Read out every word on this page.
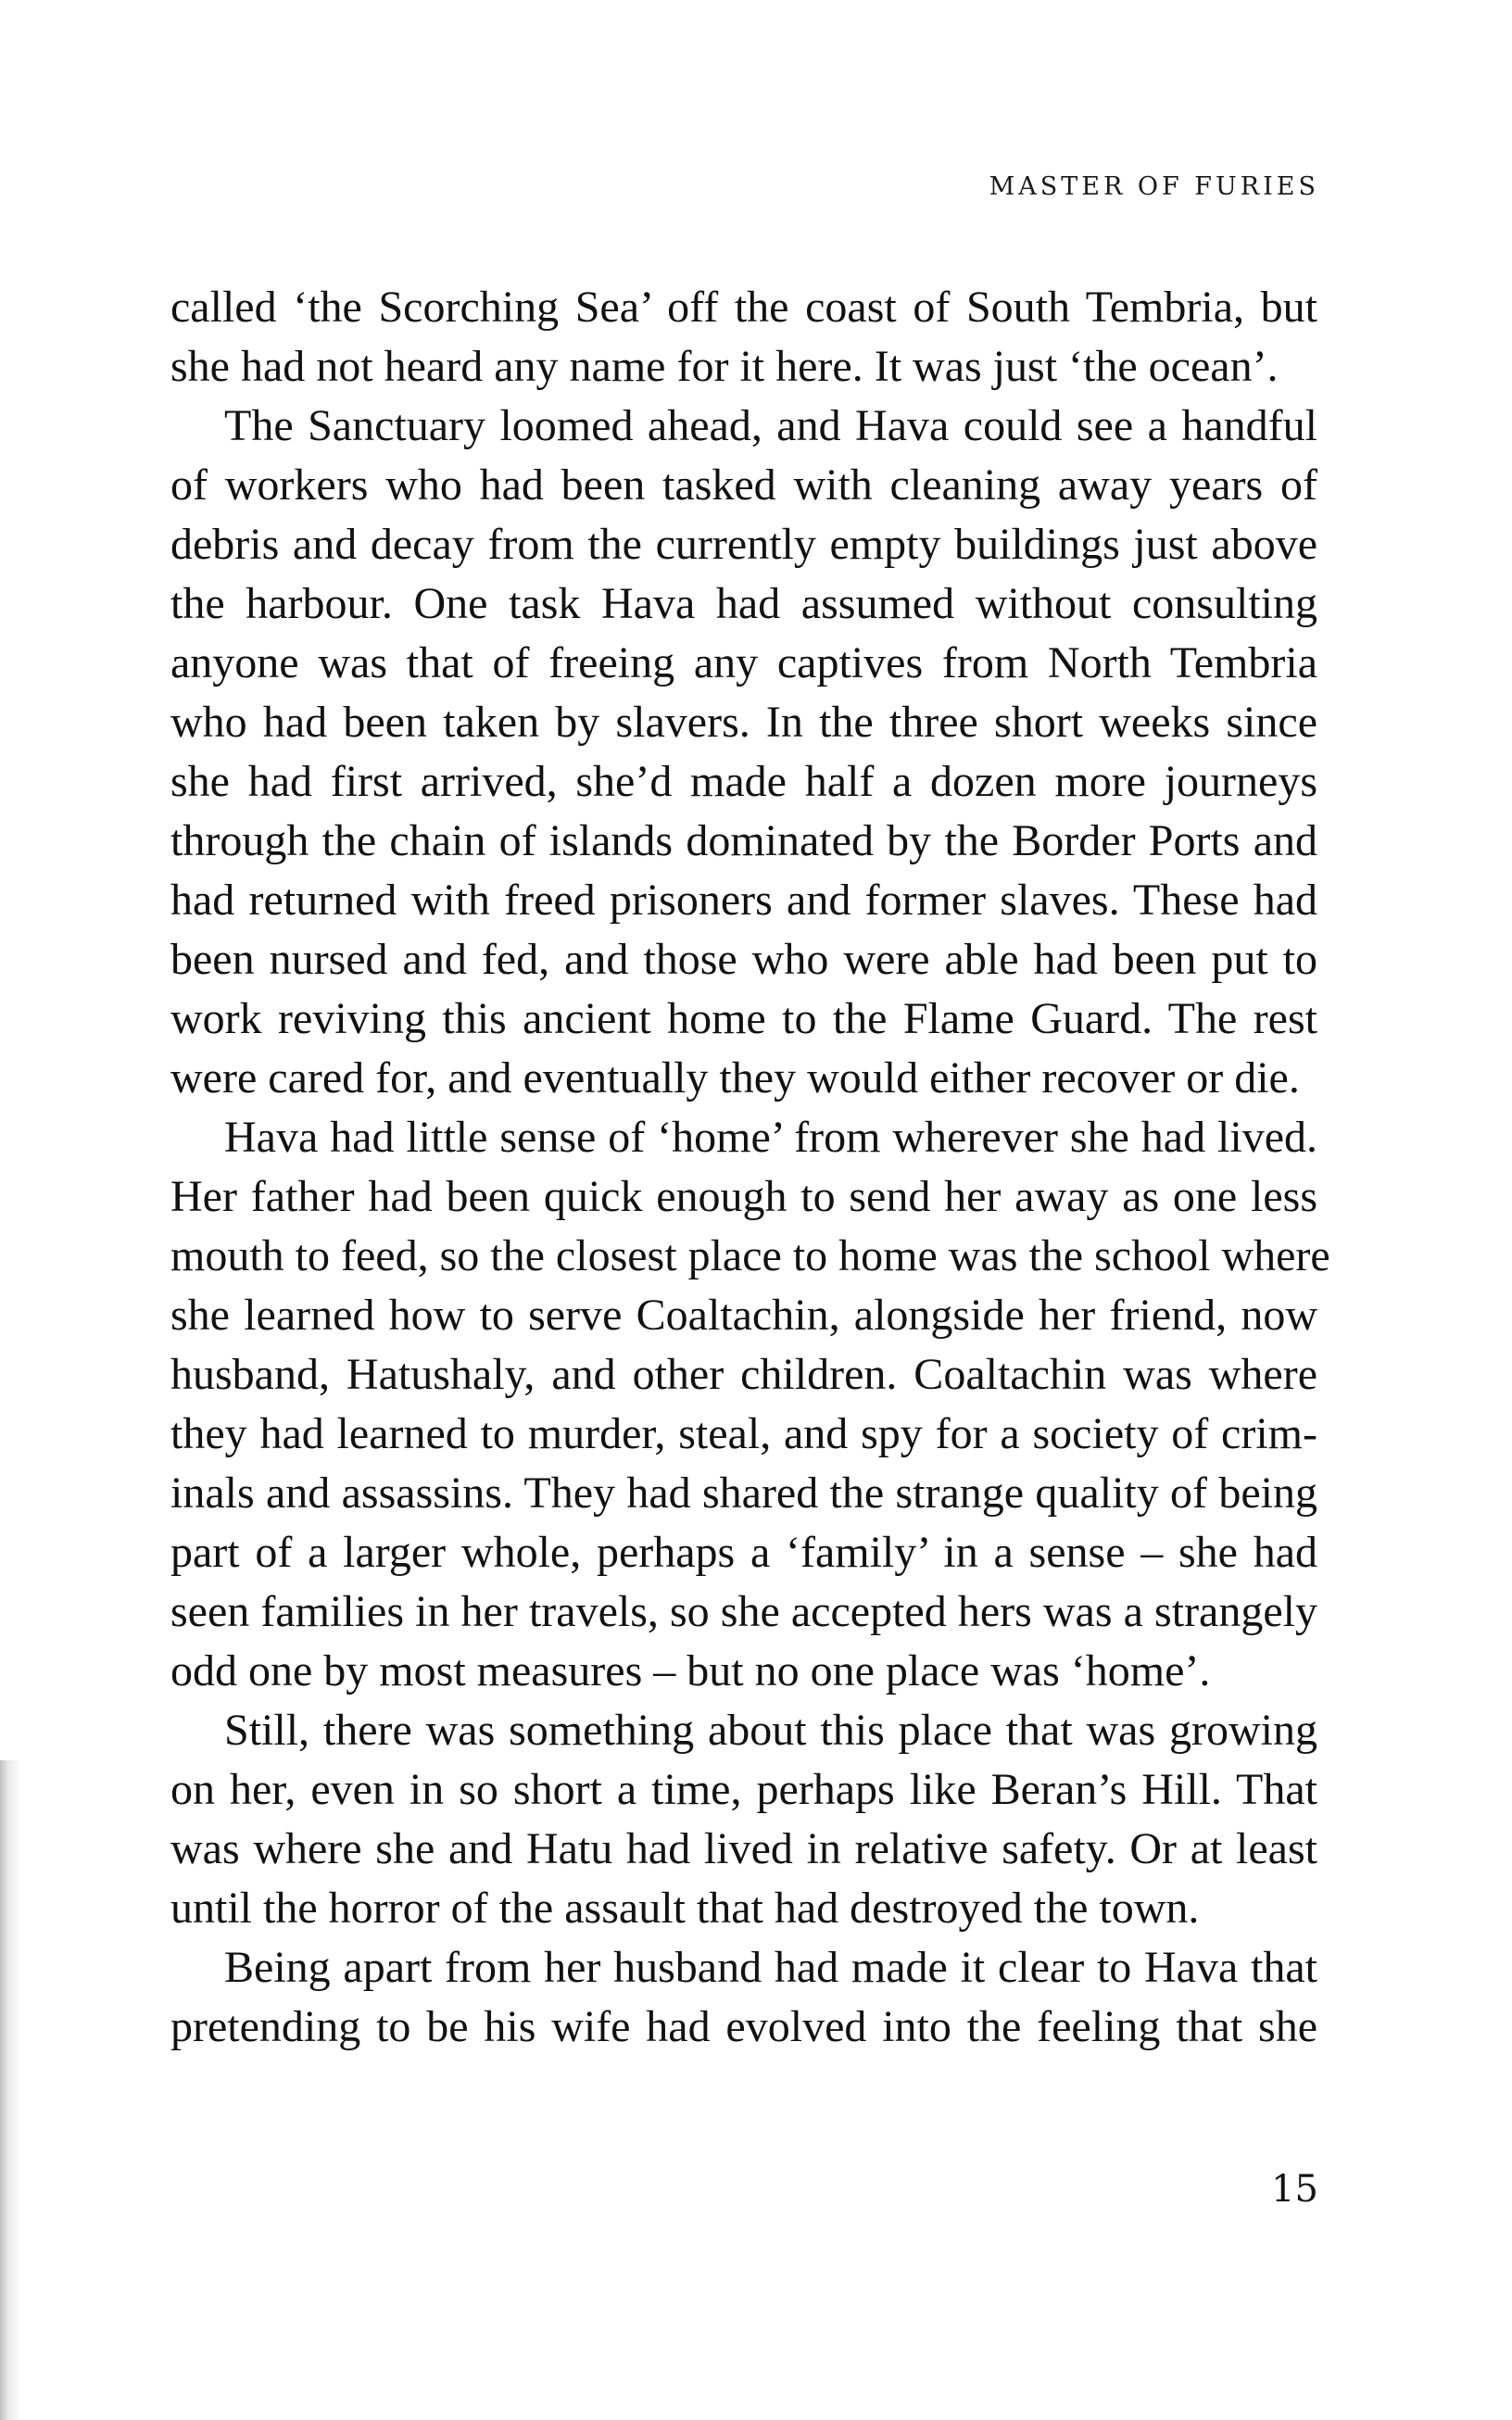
MASTER OF FURIES
called ‘the Scorching Sea’ off the coast of South Tembria, but
she had not heard any name for it here. It was just ‘the ocean’.
The Sanctuary loomed ahead, and Hava could see a handful
of workers who had been tasked with cleaning away years of
debris and decay from the currently empty buildings just above
the harbour. One task Hava had assumed without consulting
anyone was that of freeing any captives from North Tembria
who had been taken by slavers. In the three short weeks since
she had first arrived, she’d made half a dozen more journeys
through the chain of islands dominated by the Border Ports and
had returned with freed prisoners and former slaves. These had
been nursed and fed, and those who were able had been put to
work reviving this ancient home to the Flame Guard. The rest
were cared for, and eventually they would either recover or die.
Hava had little sense of ‘home’ from wherever she had lived.
Her father had been quick enough to send her away as one less
mouth to feed, so the closest place to home was the school where
she learned how to serve Coaltachin, alongside her friend, now
husband, Hatushaly, and other children. Coaltachin was where
they had learned to murder, steal, and spy for a society of crim-
inals and assassins. They had shared the strange quality of being
part of a larger whole, perhaps a ‘family’ in a sense – she had
seen families in her travels, so she accepted hers was a strangely
odd one by most measures – but no one place was ‘home’.
Still, there was something about this place that was growing
on her, even in so short a time, perhaps like Beran’s Hill. That
was where she and Hatu had lived in relative safety. Or at least
until the horror of the assault that had destroyed the town.
Being apart from her husband had made it clear to Hava that
pretending to be his wife had evolved into the feeling that she
15
